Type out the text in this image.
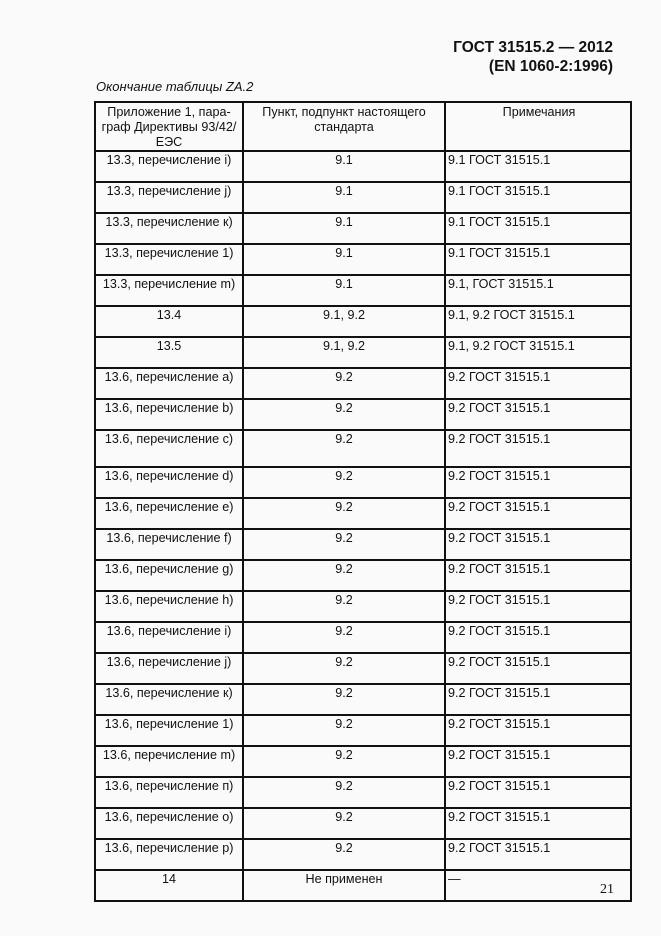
ГОСТ 31515.2 — 2012
(EN 1060-2:1996)
Окончание таблицы ZA.2
Приложение 1, пара-граф Директивы 93/42/ЕЭС	Пункт, подпункт настоящего стандарта	Примечания
13.3, перечисление i)	9.1	9.1 ГОСТ 31515.1
13.3, перечисление j)	9.1	9.1 ГОСТ 31515.1
13.3, перечисление к)	9.1	9.1 ГОСТ 31515.1
13.3, перечисление 1)	9.1	9.1 ГОСТ 31515.1
13.3, перечисление m)	9.1	9.1, ГОСТ 31515.1
13.4	9.1, 9.2	9.1, 9.2 ГОСТ 31515.1
13.5	9.1, 9.2	9.1, 9.2 ГОСТ 31515.1
13.6, перечисление a)	9.2	9.2 ГОСТ 31515.1
13.6, перечисление b)	9.2	9.2 ГОСТ 31515.1
13.6, перечисление c)	9.2	9.2 ГОСТ 31515.1
13.6, перечисление d)	9.2	9.2 ГОСТ 31515.1
13.6, перечисление e)	9.2	9.2 ГОСТ 31515.1
13.6, перечисление f)	9.2	9.2 ГОСТ 31515.1
13.6, перечисление g)	9.2	9.2 ГОСТ 31515.1
13.6, перечисление h)	9.2	9.2 ГОСТ 31515.1
13.6, перечисление i)	9.2	9.2 ГОСТ 31515.1
13.6, перечисление j)	9.2	9.2 ГОСТ 31515.1
13.6, перечисление к)	9.2	9.2 ГОСТ 31515.1
13.6, перечисление 1)	9.2	9.2 ГОСТ 31515.1
13.6, перечисление m)	9.2	9.2 ГОСТ 31515.1
13.6, перечисление п)	9.2	9.2 ГОСТ 31515.1
13.6, перечисление o)	9.2	9.2 ГОСТ 31515.1
13.6, перечисление p)	9.2	9.2 ГОСТ 31515.1
14	Не применен	—
21
